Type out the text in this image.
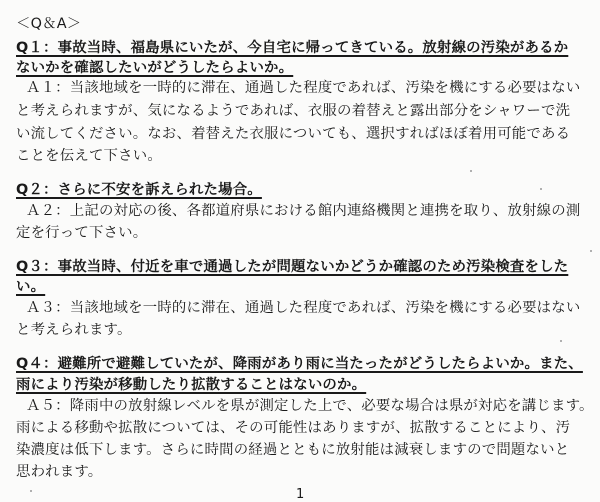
＜Q＆A＞
Q１：事故当時、福島県にいたが、今自宅に帰ってきている。放射線の汚染があるか
ないかを確認したいがどうしたらよいか。
Ａ１：当該地域を一時的に滞在、通過した程度であれば、汚染を機にする必要はない
と考えられますが、気になるようであれば、衣服の着替えと露出部分をシャワーで洗
い流してください。なお、着替えた衣服についても、選択すればほぼ着用可能である
ことを伝えて下さい。
Q２：さらに不安を訴えられた場合。
Ａ２：上記の対応の後、各都道府県における館内連絡機関と連携を取り、放射線の測
定を行って下さい。
Q３：事故当時、付近を車で通過したが問題ないかどうか確認のため汚染検査をした
い。
Ａ３：当該地域を一時的に滞在、通過した程度であれば、汚染を機にする必要はない
と考えられます。
Q４：避難所で避難していたが、降雨があり雨に当たったがどうしたらよいか。また、
雨により汚染が移動したり拡散することはないのか。
Ａ５：降雨中の放射線レベルを県が測定した上で、必要な場合は県が対応を講じます。
雨による移動や拡散については、その可能性はありますが、拡散することにより、汚
染濃度は低下します。さらに時間の経過とともに放射能は減衰しますので問題ないと
思われます。
1
